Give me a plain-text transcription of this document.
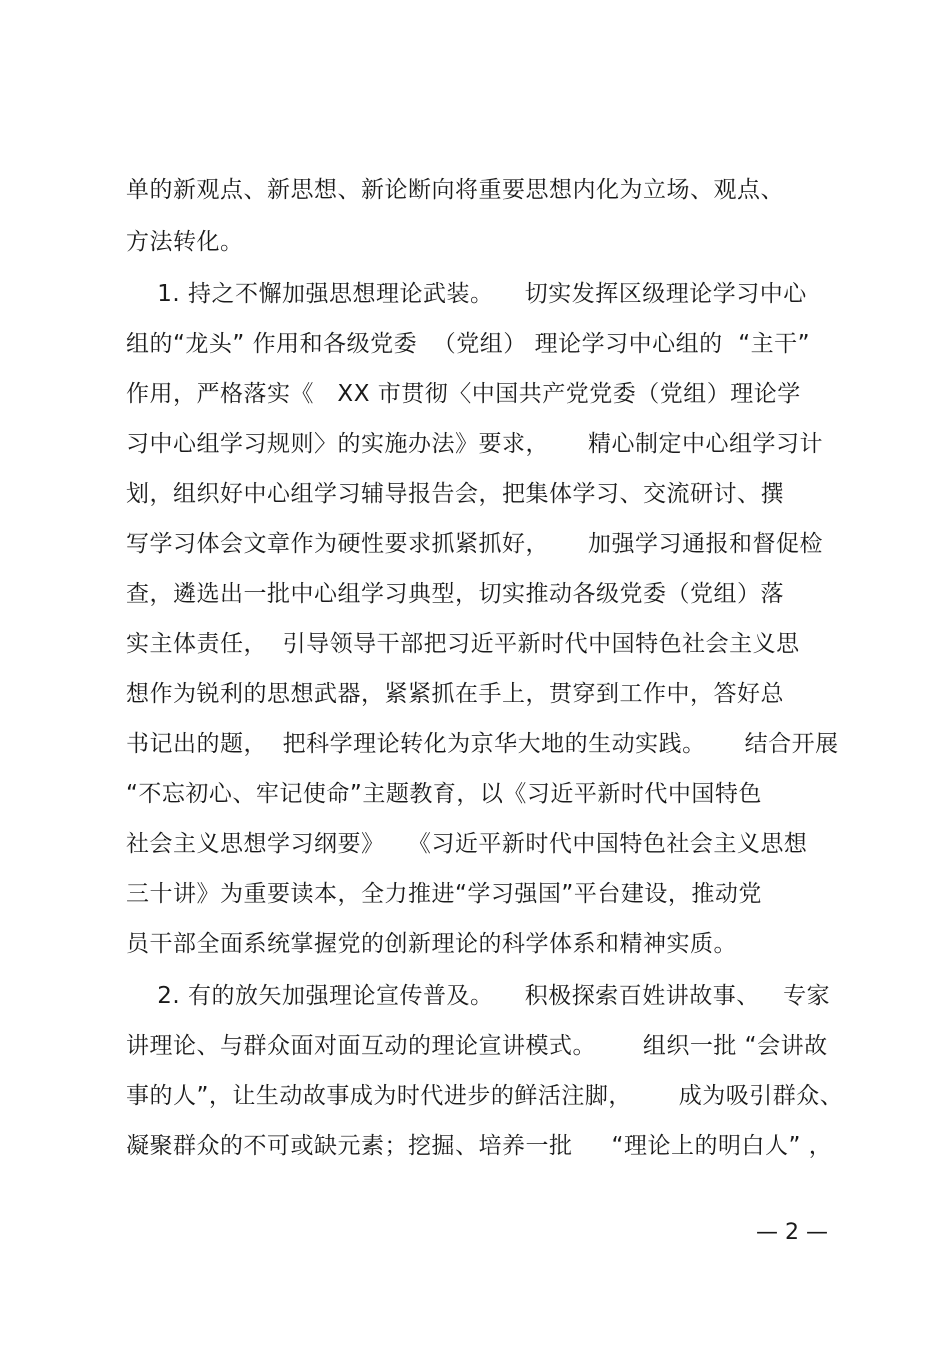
单的新观点、新思想、新论断向将重要思想内化为立场、观点、
方法转化。
1. 持之不懈加强思想理论武装。    切实发挥区级理论学习中心
组的“龙头” 作用和各级党委  （党组） 理论学习中心组的  “主干”
作用，严格落实《   XX 市贯彻〈中国共产党党委（党组）理论学
习中心组学习规则〉的实施办法》要求，     精心制定中心组学习计
划，组织好中心组学习辅导报告会，把集体学习、交流研讨、撰
写学习体会文章作为硬性要求抓紧抓好，     加强学习通报和督促检
查，遴选出一批中心组学习典型，切实推动各级党委（党组）落
实主体责任，  引导领导干部把习近平新时代中国特色社会主义思
想作为锐利的思想武器，紧紧抓在手上，贯穿到工作中，答好总
书记出的题，  把科学理论转化为京华大地的生动实践。     结合开展
“不忘初心、牢记使命”主题教育，以《习近平新时代中国特色
社会主义思想学习纲要》   《习近平新时代中国特色社会主义思想
三十讲》为重要读本，全力推进“学习强国”平台建设，推动党
员干部全面系统掌握党的创新理论的科学体系和精神实质。
2. 有的放矢加强理论宣传普及。    积极探索百姓讲故事、   专家
讲理论、与群众面对面互动的理论宣讲模式。      组织一批 “会讲故
事的人”，让生动故事成为时代进步的鲜活注脚，      成为吸引群众、
凝聚群众的不可或缺元素；挖掘、培养一批     “理论上的明白人” ，
— 2 —
